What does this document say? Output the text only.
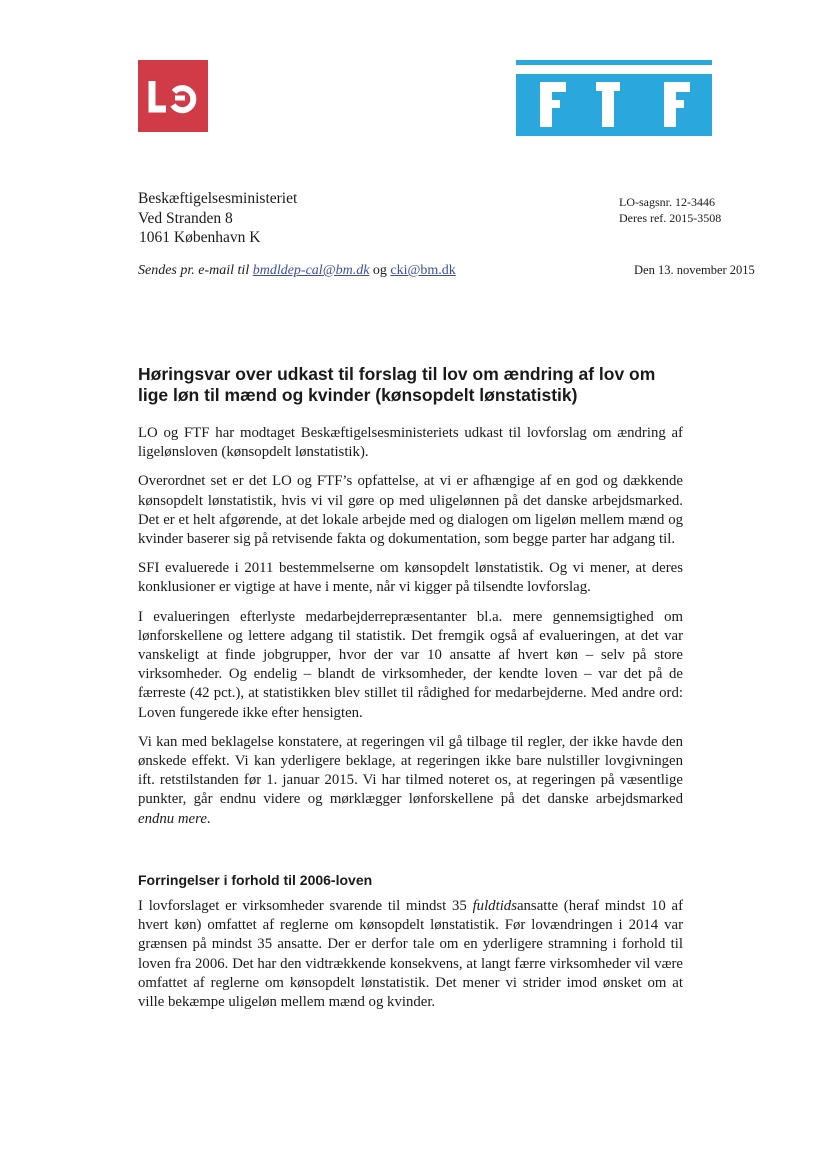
Beskæftigelsesministeriet
Ved Stranden 8
1061 København K
LO-sagsnr. 12-3446
Deres ref. 2015-3508
Sendes pr. e-mail til bmdldep-cal@bm.dk og cki@bm.dk	Den 13. november 2015
Høringsvar over udkast til forslag til lov om ændring af lov om lige løn til mænd og kvinder (kønsopdelt lønstatistik)

LO og FTF har modtaget Beskæftigelsesministeriets udkast til lovforslag om ændring af ligelønsloven (kønsopdelt lønstatistik).

Overordnet set er det LO og FTF’s opfattelse, at vi er afhængige af en god og dækkende kønsopdelt lønstatistik, hvis vi vil gøre op med uligelønnen på det danske arbejdsmarked. Det er et helt afgørende, at det lokale arbejde med og dialogen om ligeløn mellem mænd og kvinder baserer sig på retvisende fakta og dokumentation, som begge parter har adgang til.

SFI evaluerede i 2011 bestemmelserne om kønsopdelt lønstatistik. Og vi mener, at deres konklusioner er vigtige at have i mente, når vi kigger på tilsendte lovforslag.

I evalueringen efterlyste medarbejderrepræsentanter bl.a. mere gennemsigtighed om lønforskellene og lettere adgang til statistik. Det fremgik også af evalueringen, at det var vanskeligt at finde jobgrupper, hvor der var 10 ansatte af hvert køn – selv på store virksomheder. Og endelig – blandt de virksomheder, der kendte loven – var det på de færreste (42 pct.), at statistikken blev stillet til rådighed for medarbejderne. Med andre ord: Loven fungerede ikke efter hensigten.

Vi kan med beklagelse konstatere, at regeringen vil gå tilbage til regler, der ikke havde den ønskede effekt. Vi kan yderligere beklage, at regeringen ikke bare nulstiller lovgivningen ift. retstilstanden før 1. januar 2015. Vi har tilmed noteret os, at regeringen på væsentlige punkter, går endnu videre og mørklægger lønforskellene på det danske arbejdsmarked endnu mere.

Forringelser i forhold til 2006-loven

I lovforslaget er virksomheder svarende til mindst 35 fuldtidsansatte (heraf mindst 10 af hvert køn) omfattet af reglerne om kønsopdelt lønstatistik. Før lovændringen i 2014 var grænsen på mindst 35 ansatte. Der er derfor tale om en yderligere stramning i forhold til loven fra 2006. Det har den vidtrækkende konsekvens, at langt færre virksomheder vil være omfattet af reglerne om kønsopdelt lønstatistik. Det mener vi strider imod ønsket om at ville bekæmpe uligeløn mellem mænd og kvinder.
